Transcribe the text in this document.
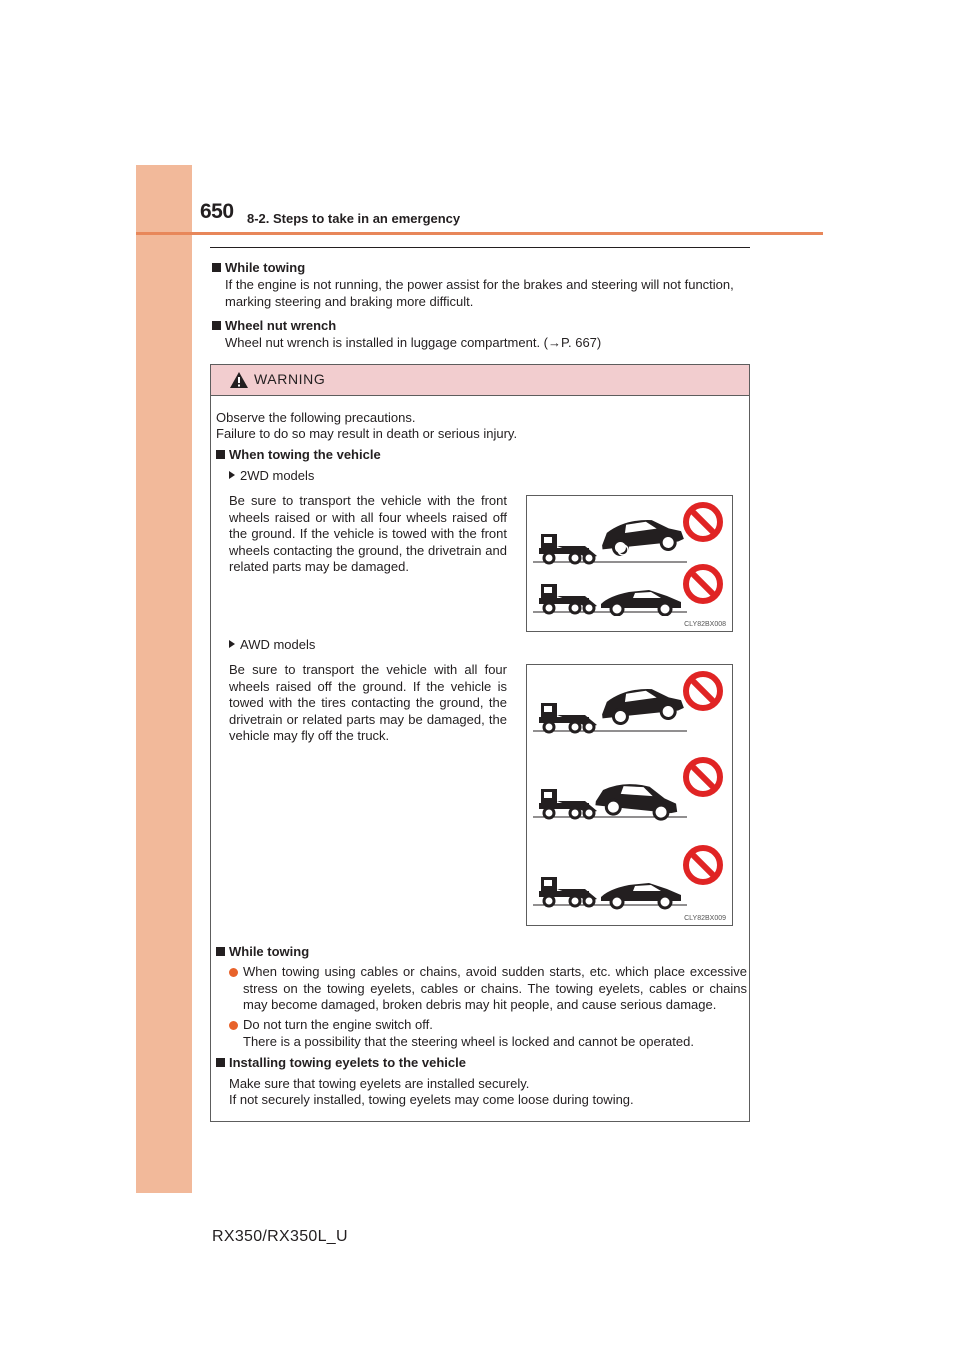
650 8-2. Steps to take in an emergency
While towing
If the engine is not running, the power assist for the brakes and steering will not function, marking steering and braking more difficult.
Wheel nut wrench
Wheel nut wrench is installed in luggage compartment. (→P. 667)
WARNING
Observe the following precautions.
Failure to do so may result in death or serious injury.
When towing the vehicle
2WD models
Be sure to transport the vehicle with the front wheels raised or with all four wheels raised off the ground. If the vehicle is towed with the front wheels contacting the ground, the drivetrain and related parts may be damaged.
CLY82BX008
AWD models
Be sure to transport the vehicle with all four wheels raised off the ground. If the vehicle is towed with the tires contacting the ground, the drivetrain or related parts may be damaged, the vehicle may fly off the truck.
CLY82BX009
While towing
When towing using cables or chains, avoid sudden starts, etc. which place excessive stress on the towing eyelets, cables or chains. The towing eyelets, cables or chains may become damaged, broken debris may hit people, and cause serious damage.
Do not turn the engine switch off.
There is a possibility that the steering wheel is locked and cannot be operated.
Installing towing eyelets to the vehicle
Make sure that towing eyelets are installed securely.
If not securely installed, towing eyelets may come loose during towing.
RX350/RX350L_U
